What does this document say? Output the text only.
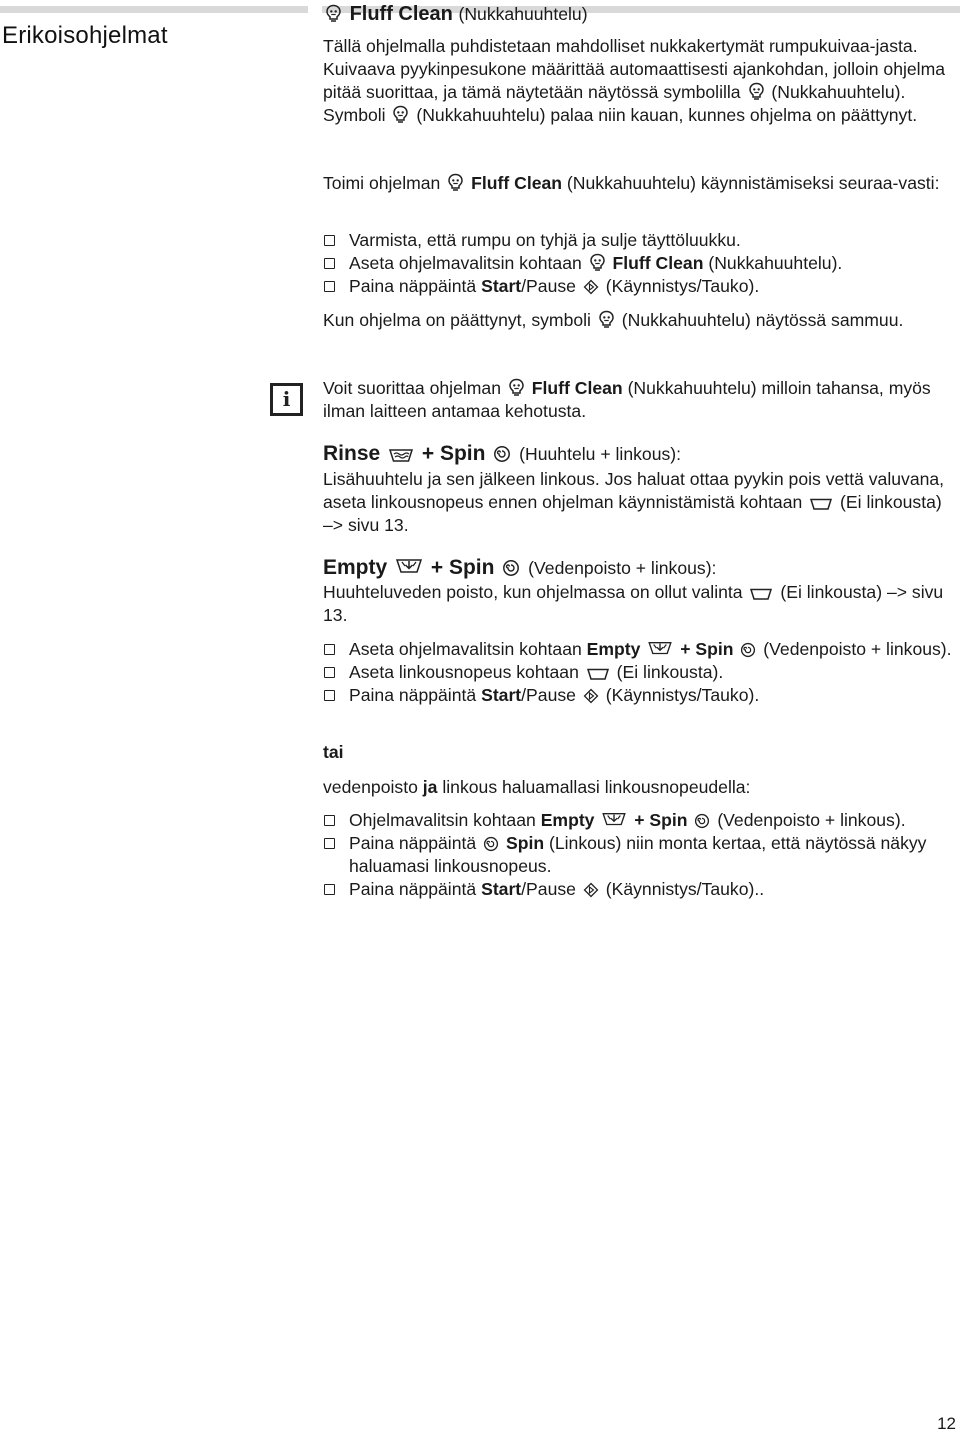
Erikoisohjelmat
Fluff Clean (Nukkahuuhtelu)

Tällä ohjelmalla puhdistetaan mahdolliset nukkakertymät rumpukuivaa-jasta. Kuivaava pyykinpesukone määrittää automaattisesti ajankohdan, jolloin ohjelma pitää suorittaa, ja tämä näytetään näytössä symbolilla (Nukkahuuhtelu). Symboli (Nukkahuuhtelu) palaa niin kauan, kunnes ohjelma on päättynyt.

Toimi ohjelman Fluff Clean (Nukkahuuhtelu) käynnistämiseksi seuraa-vasti:

Varmista, että rumpu on tyhjä ja sulje täyttöluukku.
Aseta ohjelmavalitsin kohtaan Fluff Clean (Nukkahuuhtelu).
Paina näppäintä Start/Pause (Käynnistys/Tauko).

Kun ohjelma on päättynyt, symboli (Nukkahuuhtelu) näytössä sammuu.

Voit suorittaa ohjelman Fluff Clean (Nukkahuuhtelu) milloin tahansa, myös ilman laitteen antamaa kehotusta.

Rinse + Spin (Huuhtelu + linkous):

Lisähuuhtelu ja sen jälkeen linkous. Jos haluat ottaa pyykin pois vettä valuvana, aseta linkousnopeus ennen ohjelman käynnistämistä kohtaan (Ei linkousta) –> sivu 13.

Empty + Spin (Vedenpoisto + linkous):

Huuhteluveden poisto, kun ohjelmassa on ollut valinta (Ei linkousta) –> sivu 13.

Aseta ohjelmavalitsin kohtaan Empty + Spin (Vedenpoisto + linkous).
Aseta linkousnopeus kohtaan (Ei linkousta).
Paina näppäintä Start/Pause (Käynnistys/Tauko).

tai

vedenpoisto ja linkous haluamallasi linkousnopeudella:

Ohjelmavalitsin kohtaan Empty + Spin (Vedenpoisto + linkous).
Paina näppäintä Spin (Linkous) niin monta kertaa, että näytössä näkyy haluamasi linkousnopeus.
Paina näppäintä Start/Pause (Käynnistys/Tauko)..
i
12
